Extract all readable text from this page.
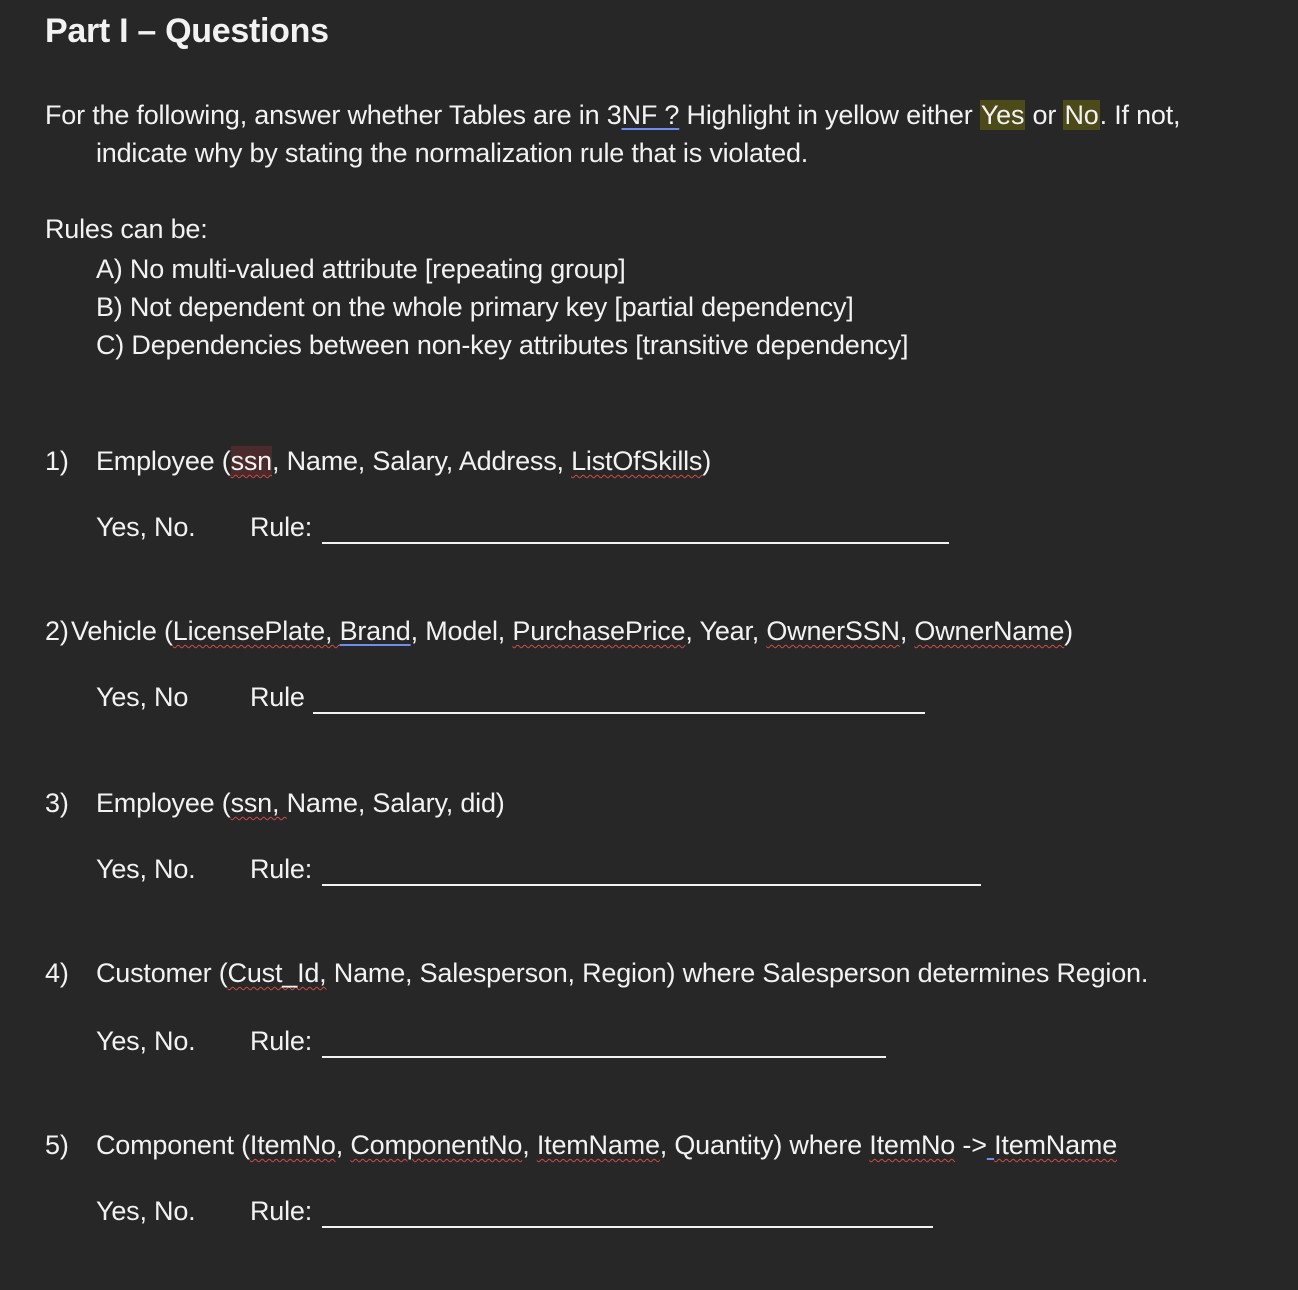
Part I – Questions
For the following, answer whether Tables are in 3NF ? Highlight in yellow either Yes or No. If not,
indicate why by stating the normalization rule that is violated.
Rules can be:
A) No multi-valued attribute [repeating group]
B) Not dependent on the whole primary key [partial dependency]
C) Dependencies between non-key attributes [transitive dependency]
1) Employee (ssn, Name, Salary, Address, ListOfSkills)
Yes, No. Rule:
2) Vehicle (LicensePlate, Brand, Model, PurchasePrice, Year, OwnerSSN, OwnerName)
Yes, No Rule
3) Employee (ssn, Name, Salary, did)
Yes, No. Rule:
4) Customer (Cust_Id, Name, Salesperson, Region) where Salesperson determines Region.
Yes, No. Rule:
5) Component (ItemNo, ComponentNo, ItemName, Quantity) where ItemNo -> ItemName
Yes, No. Rule:
